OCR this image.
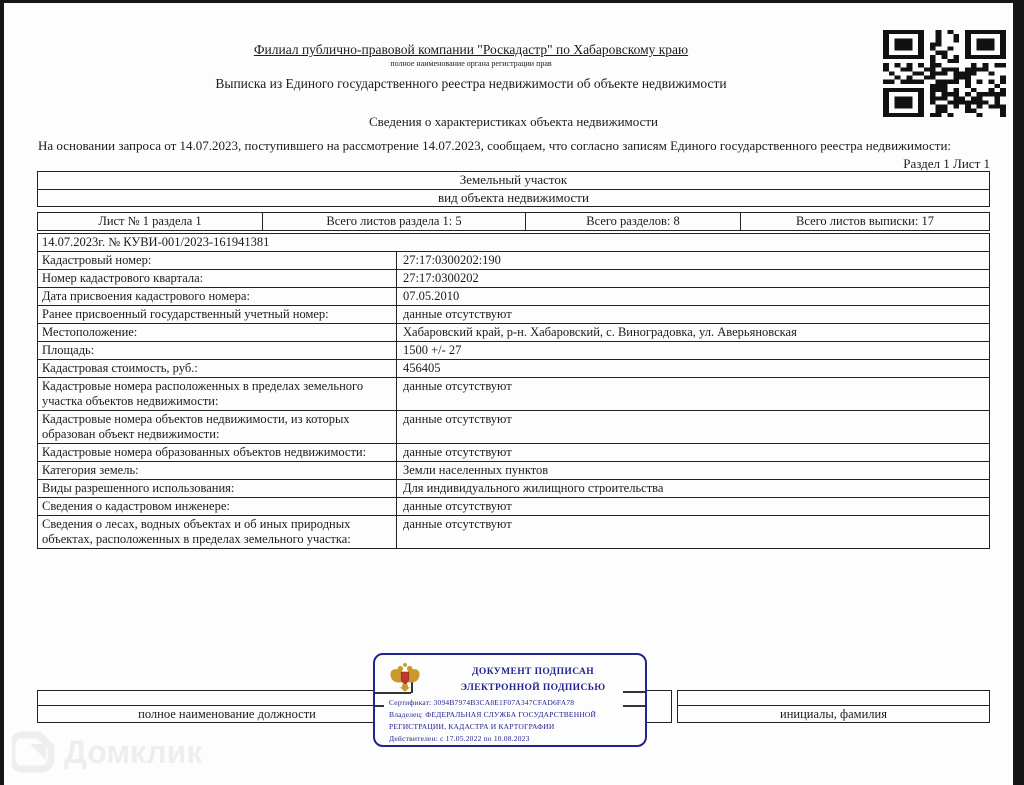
Филиал публично-правовой компании "Роскадастр" по Хабаровскому краю
полное наименование органа регистрации прав
Выписка из Единого государственного реестра недвижимости об объекте недвижимости
Сведения о характеристиках объекта недвижимости
На основании запроса от 14.07.2023, поступившего на рассмотрение 14.07.2023, сообщаем, что согласно записям Единого государственного реестра недвижимости:
Раздел 1 Лист 1
Земельный участок
вид объекта недвижимости
Лист № 1 раздела 1	Всего листов раздела 1: 5	Всего разделов: 8	Всего листов выписки: 17
14.07.2023г. № КУВИ-001/2023-161941381
Кадастровый номер:	27:17:0300202:190
Номер кадастрового квартала:	27:17:0300202
Дата присвоения кадастрового номера:	07.05.2010
Ранее присвоенный государственный учетный номер:	данные отсутствуют
Местоположение:	Хабаровский край, р-н. Хабаровский, с. Виноградовка, ул. Аверьяновская
Площадь:	1500 +/- 27
Кадастровая стоимость, руб.:	456405
Кадастровые номера расположенных в пределах земельного участка объектов недвижимости:
данные отсутствуют
Кадастровые номера объектов недвижимости, из которых образован объект недвижимости:
данные отсутствуют
Кадастровые номера образованных объектов недвижимости:	данные отсутствуют
Категория земель:	Земли населенных пунктов
Виды разрешенного использования:	Для индивидуального жилищного строительства
Сведения о кадастровом инженере:	данные отсутствуют
Сведения о лесах, водных объектах и об иных природных объектах, расположенных в пределах земельного участка:
данные отсутствуют
полное наименование должности	инициалы, фамилия
ДОКУМЕНТ ПОДПИСАН
ЭЛЕКТРОННОЙ ПОДПИСЬЮ
Сертификат: 3094B7974B3CA8E1F07A347CFAD6FA78
Владелец: ФЕДЕРАЛЬНАЯ СЛУЖБА ГОСУДАРСТВЕННОЙ
РЕГИСТРАЦИИ, КАДАСТРА И КАРТОГРАФИИ
Действителен: с 17.05.2022 по 10.08.2023
Домклик
